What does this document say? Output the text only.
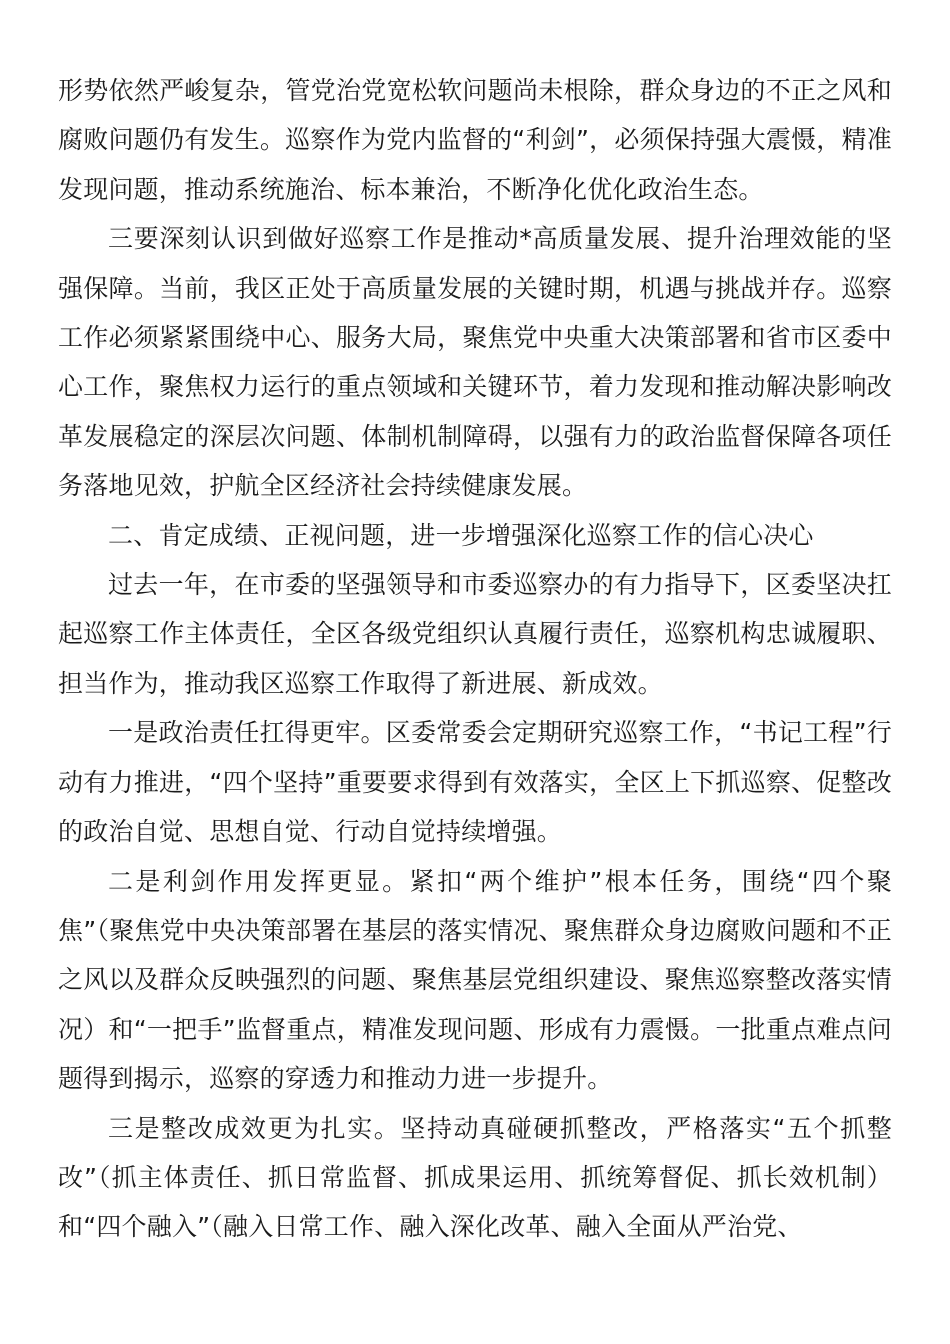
形势依然严峻复杂，管党治党宽松软问题尚未根除，群众身边的不正之风和腐败问题仍有发生。巡察作为党内监督的“利剑”，必须保持强大震慑，精准发现问题，推动系统施治、标本兼治，不断净化优化政治生态。

三要深刻认识到做好巡察工作是推动*高质量发展、提升治理效能的坚强保障。当前，我区正处于高质量发展的关键时期，机遇与挑战并存。巡察工作必须紧紧围绕中心、服务大局，聚焦党中央重大决策部署和省市区委中心工作，聚焦权力运行的重点领域和关键环节，着力发现和推动解决影响改革发展稳定的深层次问题、体制机制障碍，以强有力的政治监督保障各项任务落地见效，护航全区经济社会持续健康发展。

二、肯定成绩、正视问题，进一步增强深化巡察工作的信心决心

过去一年，在市委的坚强领导和市委巡察办的有力指导下，区委坚决扛起巡察工作主体责任，全区各级党组织认真履行责任，巡察机构忠诚履职、担当作为，推动我区巡察工作取得了新进展、新成效。

一是政治责任扛得更牢。区委常委会定期研究巡察工作，“书记工程”行动有力推进，“四个坚持”重要要求得到有效落实，全区上下抓巡察、促整改的政治自觉、思想自觉、行动自觉持续增强。

二是利剑作用发挥更显。紧扣“两个维护”根本任务，围绕“四个聚焦”（聚焦党中央决策部署在基层的落实情况、聚焦群众身边腐败问题和不正之风以及群众反映强烈的问题、聚焦基层党组织建设、聚焦巡察整改落实情况）和“一把手”监督重点，精准发现问题、形成有力震慑。一批重点难点问题得到揭示，巡察的穿透力和推动力进一步提升。

三是整改成效更为扎实。坚持动真碰硬抓整改，严格落实“五个抓整改”（抓主体责任、抓日常监督、抓成果运用、抓统筹督促、抓长效机制）和“四个融入”（融入日常工作、融入深化改革、融入全面从严治党、
